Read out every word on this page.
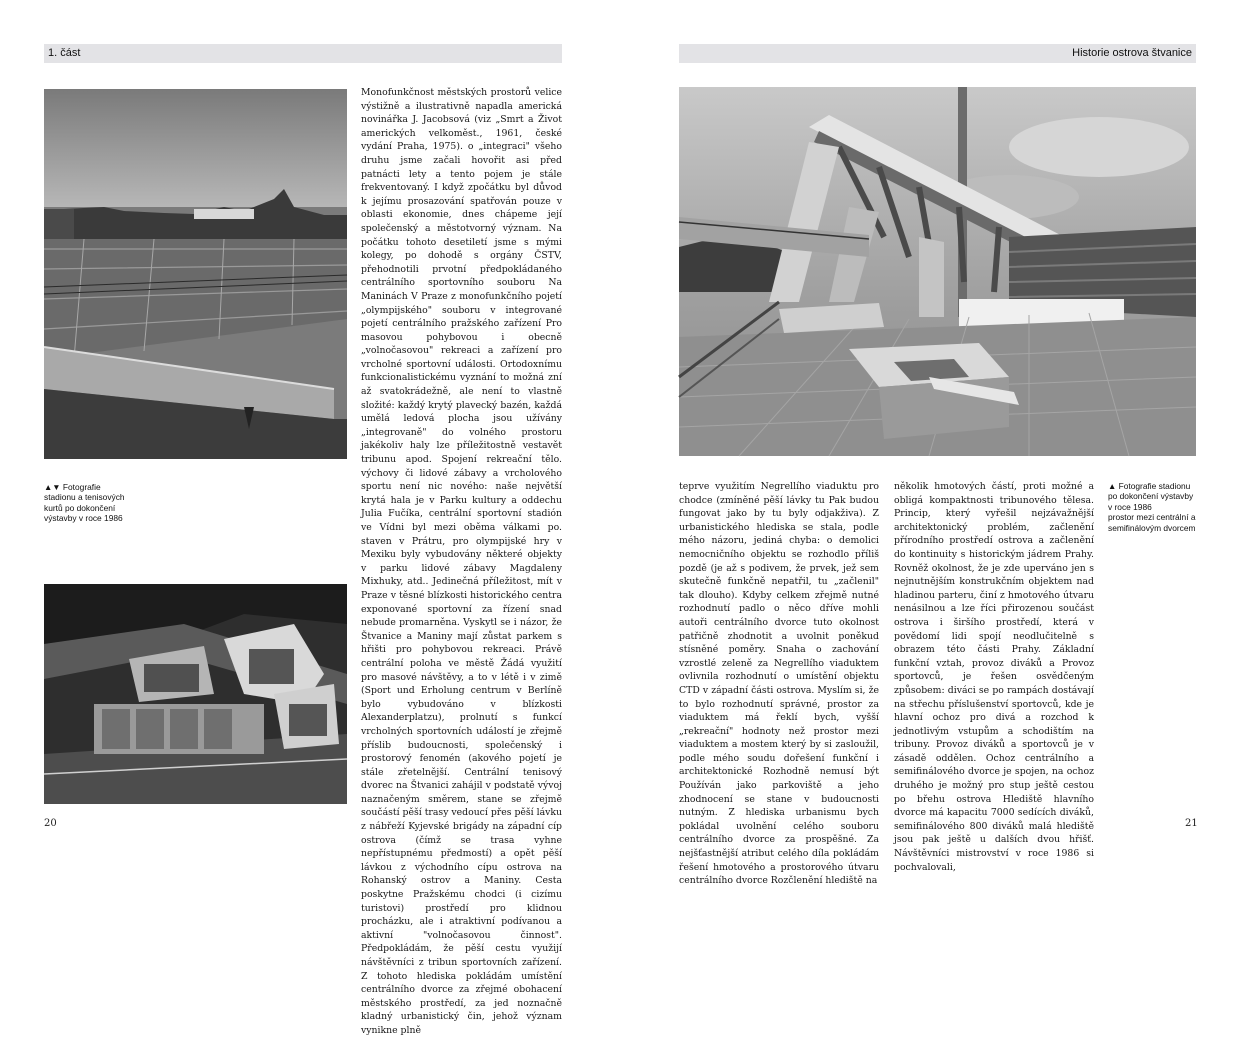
1. část
▲▼ Fotografie
stadionu a tenisových
kurtů po dokončení
výstavby v roce 1986

Monofunkčnost městských prostorů velice výstižně a ilustrativně napadla americká novinářka J. Jacobsová (viz „Smrt a Život amerických velkoměst., 1961, české vydání Praha, 1975). o „integraci" všeho druhu jsme začali hovořit asi před patnácti lety a tento pojem je stále frekventovaný. I když zpočátku byl důvod k jejímu prosazování spatřován pouze v oblasti ekonomie, dnes chápeme její společenský a městotvorný význam. Na počátku tohoto desetiletí jsme s mými kolegy, po dohodě s orgány ČSTV, přehodnotili prvotní předpokládaného centrálního sportovního souboru Na Maninách V Praze z monofunkčního pojetí „olympijského" souboru v integrované pojetí centrálního pražského zařízení Pro masovou pohybovou i obecně „volnočasovou" rekreaci a zařízení pro vrcholné sportovní události. Ortodoxnímu funkcionalistickému vyznání to možná zní až svatokrádežně, ale není to vlastně složité: každý krytý plavecký bazén, každá umělá ledová plocha jsou užívány „integrovaně" do volného prostoru jakékoliv haly lze příležitostně vestavět tribunu apod. Spojení rekreační tělo. výchovy či lidové zábavy a vrcholového sportu není nic nového: naše největší krytá hala je v Parku kultury a oddechu Julia Fučíka, centrální sportovní stadión ve Vídni byl mezi oběma válkami po. staven v Prátru, pro olympijské hry v Mexiku byly vybudovány některé objekty v parku lidové zábavy Magdaleny Mixhuky, atd.. Jedinečná příležitost, mít v Praze v těsné blízkosti historického centra exponované sportovní za řízení snad nebude promarněna. Vyskytl se i názor, že Štvanice a Maniny mají zůstat parkem s hřišti pro pohybovou rekreaci. Právě centrální poloha ve městě Žádá využití pro masové návštěvy, a to v létě i v zimě (Sport und Erholung centrum v Berlíně bylo vybudováno v blízkosti Alexanderplatzu), prolnutí s funkcí vrcholných sportovních událostí je zřejmě příslib budoucnosti, společenský i prostorový fenomén (akového pojetí je stále zřetelnější. Centrální tenisový dvorec na Štvanici zahájil v podstatě vývoj naznačeným směrem, stane se zřejmě součástí pěší trasy vedoucí přes pěší lávku z nábřeží Kyjevské brigády na západní cíp ostrova (čímž se trasa vyhne nepřístupnému předmostí) a opět pěší lávkou z východního cípu ostrova na Rohanský ostrov a Maniny. Cesta poskytne Pražskému chodci (i cizímu turistovi) prostředí pro klidnou procházku, ale i atraktivní podívanou a aktivní "volnočasovou činnost". Předpokládám, že pěší cestu využijí návštěvníci z tribun sportovních zařízení. Z tohoto hlediska pokládám umístění centrálního dvorce za zřejmé obohacení městského prostředí, za jed noznačně kladný urbanistický čin, jehož význam vynikne plně

20
Historie ostrova štvanice

teprve využitím Negrellího viaduktu pro chodce (zmíněné pěší lávky tu Pak budou fungovat jako by tu byly odjakživa). Z urbanistického hlediska se stala, podle mého názoru, jediná chyba: o demolici nemocničního objektu se rozhodlo příliš pozdě (je až s podivem, že prvek, jež sem skutečně funkčně nepatřil, tu „začlenil" tak dlouho). Kdyby celkem zřejmě nutné rozhodnutí padlo o něco dříve mohli autoři centrálního dvorce tuto okolnost patřičně zhodnotit a uvolnit poněkud stísněné poměry. Snaha o zachování vzrostlé zeleně za Negrellího viaduktem ovlivnila rozhodnutí o umístění objektu CTD v západní části ostrova. Myslím si, že to bylo rozhodnutí správné, prostor za viaduktem má řeklí bych, vyšší „rekreační" hodnoty než prostor mezi viaduktem a mostem který by si zasloužil, podle mého soudu dořešení funkční i architektonické Rozhodně nemusí být Používán jako parkoviště a jeho zhodnocení se stane v budoucnosti nutným. Z hlediska urbanismu bych pokládal uvolnění celého souboru centrálního dvorce za prospěšné. Za nejšťastnější atribut celého díla pokládám řešení hmotového a prostorového útvaru centrálního dvorce Rozčlenění hlediště na

několik hmotových částí, proti možné a obligá kompaktnosti tribunového tělesa. Princip, který vyřešil nejzávažnější architektonický problém, začlenění přírodního prostředí ostrova a začlenění do kontinuity s historickým jádrem Prahy. Rovněž okolnost, že je zde uperváno jen s nejnutnějším konstrukčním objektem nad hladinou parteru, činí z hmotového útvaru nenásilnou a lze říci přirozenou součást ostrova i širšího prostředí, která v povědomí lidi spojí neodlučitelně s obrazem této části Prahy. Základní funkční vztah, provoz diváků a Provoz sportovců, je řešen osvědčeným způsobem: diváci se po rampách dostávají na střechu příslušenství sportovců, kde je hlavní ochoz pro divá a rozchod k jednotlivým vstupům a schodištím na tribuny. Provoz diváků a sportovců je v zásadě oddělen. Ochoz centrálního a semifinálového dvorce je spojen, na ochoz druhého je možný pro stup ještě cestou po břehu ostrova Hlediště hlavního dvorce má kapacitu 7000 sedících diváků, semifinálového 800 diváků malá hlediště jsou pak ještě u dalších dvou hřišť. Návštěvníci mistrovství v roce 1986 si pochvalovali,

▲ Fotografie stadionu
po dokončení výstavby
v roce 1986
prostor mezi centrální a
semifinálovým dvorcem
21
